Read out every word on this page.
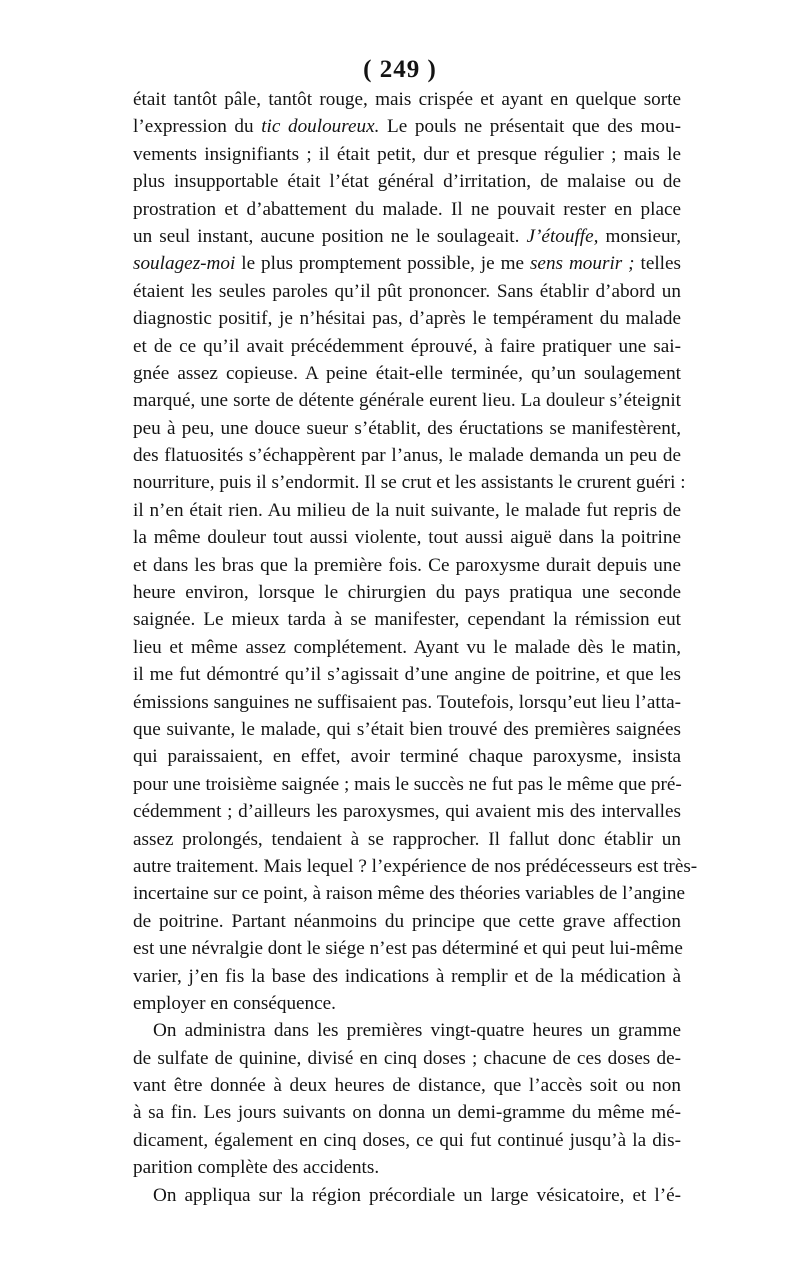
( 249 )
était tantôt pâle, tantôt rouge, mais crispée et ayant en quelque sorte
l’expression du tic douloureux. Le pouls ne présentait que des mou-
vements insignifiants ; il était petit, dur et presque régulier ; mais le
plus insupportable était l’état général d’irritation, de malaise ou de
prostration et d’abattement du malade. Il ne pouvait rester en place
un seul instant, aucune position ne le soulageait. J’étouffe, monsieur,
soulagez-moi le plus promptement possible, je me sens mourir ; telles
étaient les seules paroles qu’il pût prononcer. Sans établir d’abord un
diagnostic positif, je n’hésitai pas, d’après le tempérament du malade
et de ce qu’il avait précédemment éprouvé, à faire pratiquer une sai-
gnée assez copieuse. A peine était-elle terminée, qu’un soulagement
marqué, une sorte de détente générale eurent lieu. La douleur s’éteignit
peu à peu, une douce sueur s’établit, des éructations se manifestèrent,
des flatuosités s’échappèrent par l’anus, le malade demanda un peu de
nourriture, puis il s’endormit. Il se crut et les assistants le crurent guéri :
il n’en était rien. Au milieu de la nuit suivante, le malade fut repris de
la même douleur tout aussi violente, tout aussi aiguë dans la poitrine
et dans les bras que la première fois. Ce paroxysme durait depuis une
heure environ, lorsque le chirurgien du pays pratiqua une seconde
saignée. Le mieux tarda à se manifester, cependant la rémission eut
lieu et même assez complétement. Ayant vu le malade dès le matin,
il me fut démontré qu’il s’agissait d’une angine de poitrine, et que les
émissions sanguines ne suffisaient pas. Toutefois, lorsqu’eut lieu l’atta-
que suivante, le malade, qui s’était bien trouvé des premières saignées
qui paraissaient, en effet, avoir terminé chaque paroxysme, insista
pour une troisième saignée ; mais le succès ne fut pas le même que pré-
cédemment ; d’ailleurs les paroxysmes, qui avaient mis des intervalles
assez prolongés, tendaient à se rapprocher. Il fallut donc établir un
autre traitement. Mais lequel ? l’expérience de nos prédécesseurs est très-
incertaine sur ce point, à raison même des théories variables de l’angine
de poitrine. Partant néanmoins du principe que cette grave affection
est une névralgie dont le siége n’est pas déterminé et qui peut lui-même
varier, j’en fis la base des indications à remplir et de la médication à
employer en conséquence.
On administra dans les premières vingt-quatre heures un gramme
de sulfate de quinine, divisé en cinq doses ; chacune de ces doses de-
vant être donnée à deux heures de distance, que l’accès soit ou non
à sa fin. Les jours suivants on donna un demi-gramme du même mé-
dicament, également en cinq doses, ce qui fut continué jusqu’à la dis-
parition complète des accidents.
On appliqua sur la région précordiale un large vésicatoire, et l’é-
